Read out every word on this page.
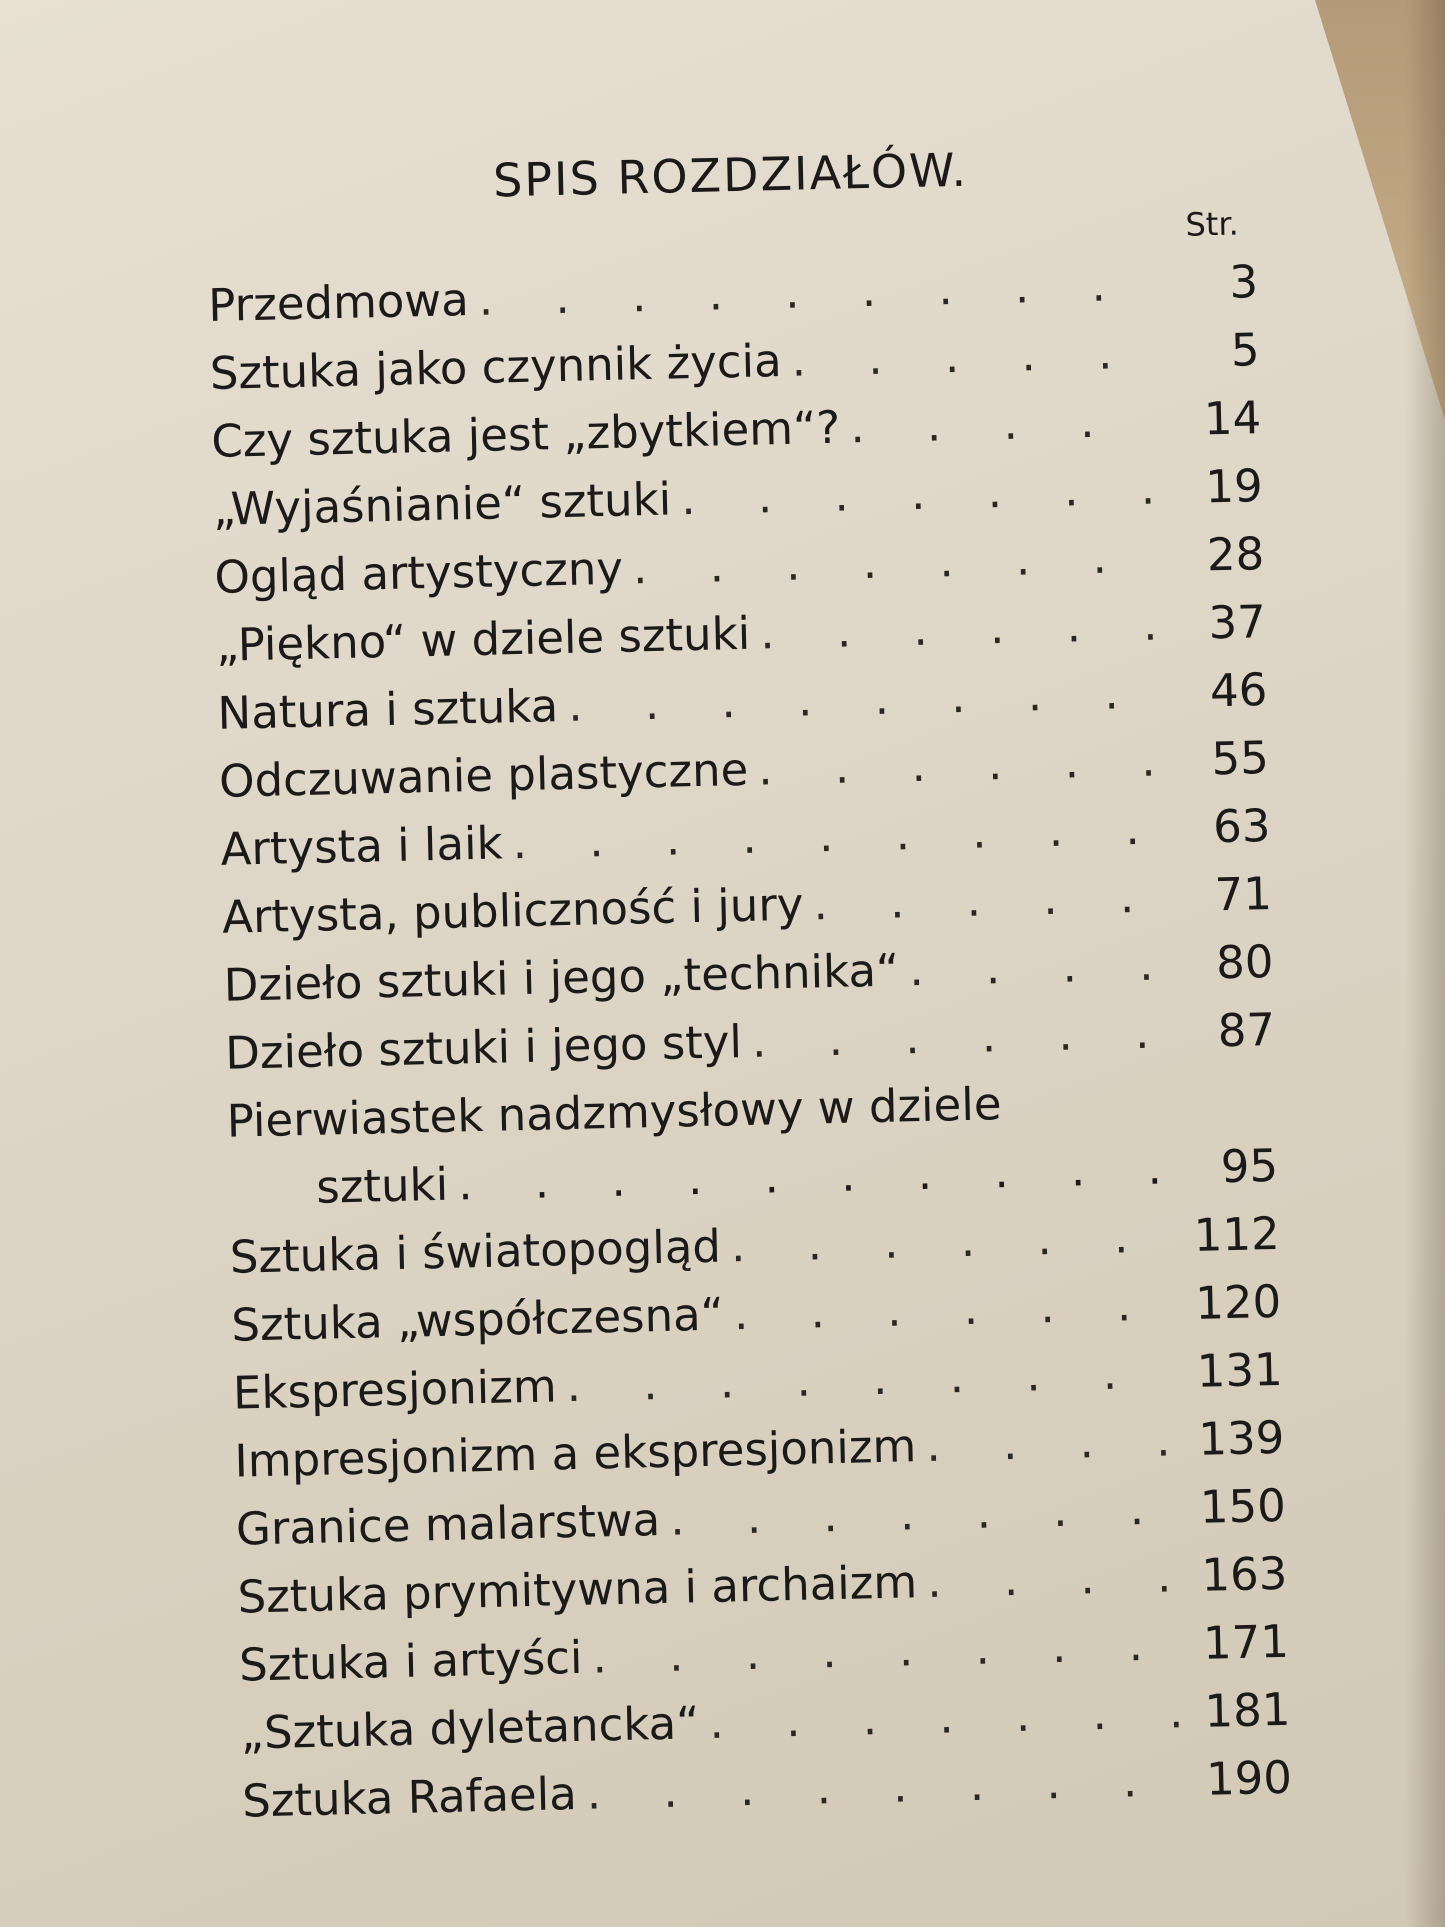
SPIS ROZDZIAŁÓW.
Str.
Przedmowa . . .	3
Sztuka jako czynnik życia . . .	5
Czy sztuka jest „zbytkiem“? . . .	14
„Wyjaśnianie“ sztuki . . .	19
Ogląd artystyczny . . .	28
„Piękno“ w dziele sztuki . . .	37
Natura i sztuka . . .	46
Odczuwanie plastyczne . . .	55
Artysta i laik . . .	63
Artysta, publiczność i jury . . .	71
Dzieło sztuki i jego „technika“ . . .	80
Dzieło sztuki i jego styl . . .	87
Pierwiastek nadzmysłowy w dziele
sztuki . . .	95
Sztuka i światopogląd . . .	112
Sztuka „współczesna“ . . .	120
Ekspresjonizm . . .	131
Impresjonizm a ekspresjonizm . . .	139
Granice malarstwa . . .	150
Sztuka prymitywna i archaizm . . .	163
Sztuka i artyści . . .	171
„Sztuka dyletancka“ . . .	181
Sztuka Rafaela . . .	190
